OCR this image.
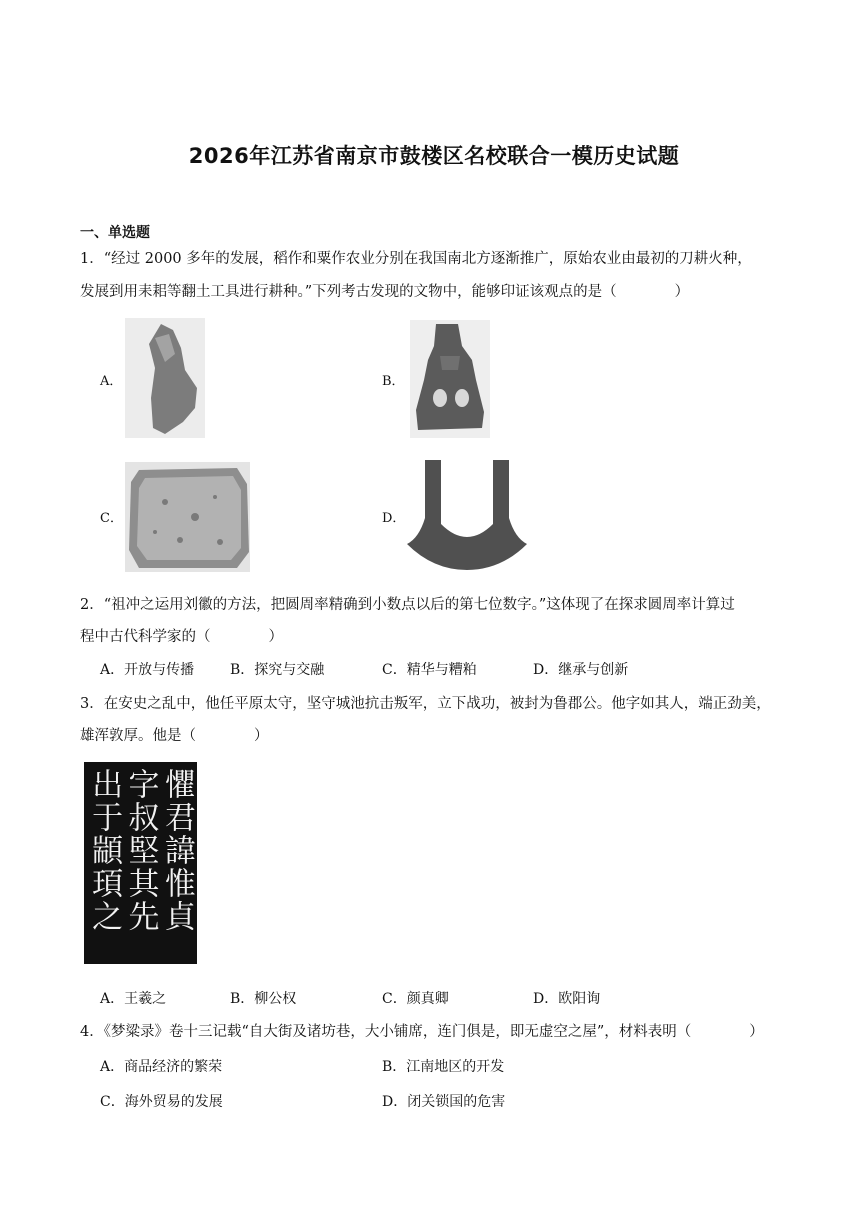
2026年江苏省南京市鼓楼区名校联合一模历史试题
一、单选题
1．“经过 2000 多年的发展，稻作和粟作农业分别在我国南北方逐渐推广，原始农业由最初的刀耕火种，
发展到用耒耜等翻土工具进行耕种。”下列考古发现的文物中，能够印证该观点的是（　　　　）
A．	B．
C．	D．
2．“祖冲之运用刘徽的方法，把圆周率精确到小数点以后的第七位数字。”这体现了在探求圆周率计算过
程中古代科学家的（　　　　）
A．开放与传播	B．探究与交融	C．精华与糟粕	D．继承与创新
3．在安史之乱中，他任平原太守，坚守城池抗击叛军，立下战功，被封为鲁郡公。他字如其人，端正劲美，
雄浑敦厚。他是（　　　　）
懼君諱惟貞
字叔堅其先
出于顓頊之
A．王羲之	B．柳公权	C．颜真卿	D．欧阳询
4．《梦粱录》卷十三记载“自大街及诸坊巷，大小铺席，连门俱是，即无虚空之屋”，材料表明（　　　　）
A．商品经济的繁荣	B．江南地区的开发
C．海外贸易的发展	D．闭关锁国的危害
